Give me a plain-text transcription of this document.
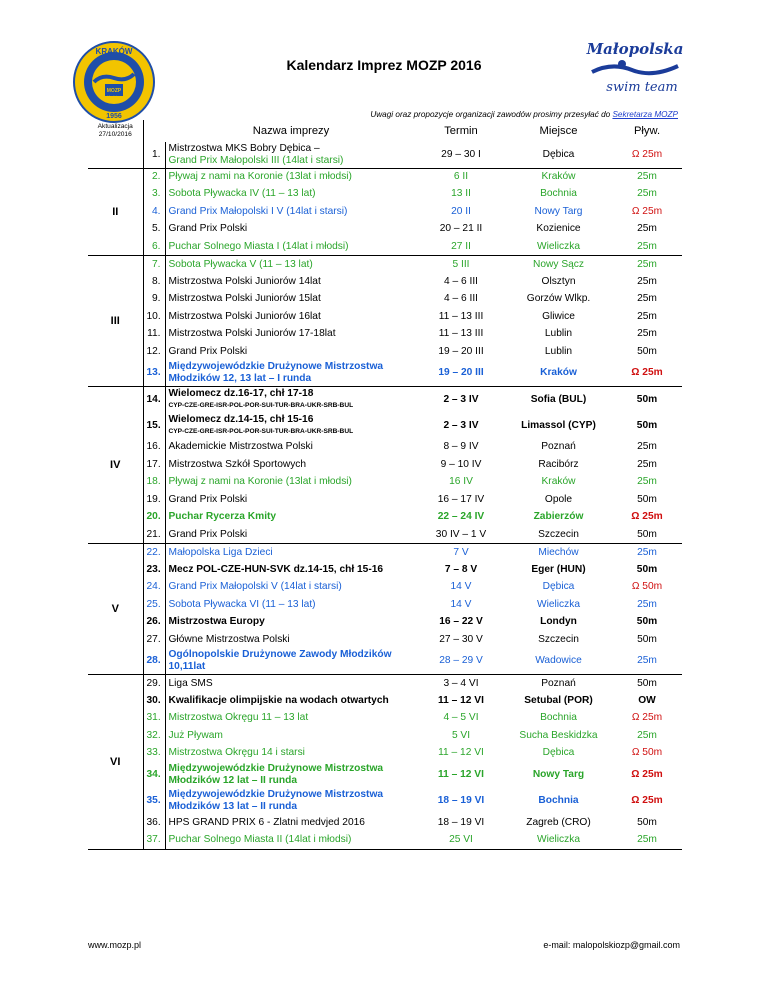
KRAKÓW
MOZP
Kraków
1956
Małopolska
swim team
Kalendarz Imprez MOZP 2016
Uwagi oraz propozycje organizacji zawodów prosimy przesyłać do Sekretarza MOZP
Aktualizacja
27/10/2016		Nazwa imprezy	Termin	Miejsce	Pływ.
	1.	Mistrzostwa MKS Bobry Dębica –
Grand Prix Małopolski III (14lat i starsi)	29 – 30 I	Dębica	Ω 25m
II	2.	Pływaj z nami na Koronie (13lat i młodsi)	6 II	Kraków	25m
	3.	Sobota Pływacka IV (11 – 13 lat)	13 II	Bochnia	25m
	4.	Grand Prix Małopolski I V (14lat i starsi)	20 II	Nowy Targ	Ω 25m
	5.	Grand Prix Polski	20 – 21 II	Kozienice	25m
	6.	Puchar Solnego Miasta I (14lat i młodsi)	27 II	Wieliczka	25m
III	7.	Sobota Pływacka V (11 – 13 lat)	5 III	Nowy Sącz	25m
	8.	Mistrzostwa Polski Juniorów 14lat	4 – 6 III	Olsztyn	25m
	9.	Mistrzostwa Polski Juniorów 15lat	4 – 6 III	Gorzów Wlkp.	25m
	10.	Mistrzostwa Polski Juniorów 16lat	11 – 13 III	Gliwice	25m
	11.	Mistrzostwa Polski Juniorów 17-18lat	11 – 13 III	Lublin	25m
	12.	Grand Prix Polski	19 – 20 III	Lublin	50m
	13.	Międzywojewódzkie Drużynowe Mistrzostwa
Młodzików 12, 13 lat – I runda	19 – 20 III	Kraków	Ω 25m
IV	14.	Wielomecz dz.16-17, chł 17-18
CYP-CZE-GRE-ISR-POL-POR-SUI-TUR-BRA-UKR-SRB-BUL	2 – 3 IV	Sofia (BUL)	50m
	15.	Wielomecz dz.14-15, chł 15-16
CYP-CZE-GRE-ISR-POL-POR-SUI-TUR-BRA-UKR-SRB-BUL	2 – 3 IV	Limassol (CYP)	50m
	16.	Akademickie Mistrzostwa Polski	8 – 9 IV	Poznań	25m
	17.	Mistrzostwa Szkół Sportowych	9 – 10 IV	Racibórz	25m
	18.	Pływaj z nami na Koronie (13lat i młodsi)	16 IV	Kraków	25m
	19.	Grand Prix Polski	16 – 17 IV	Opole	50m
	20.	Puchar Rycerza Kmity	22 – 24 IV	Zabierzów	Ω 25m
	21.	Grand Prix Polski	30 IV – 1 V	Szczecin	50m
V	22.	Małopolska Liga Dzieci	7 V	Miechów	25m
	23.	Mecz POL-CZE-HUN-SVK dz.14-15, chł 15-16	7 – 8 V	Eger (HUN)	50m
	24.	Grand Prix Małopolski V (14lat i starsi)	14 V	Dębica	Ω 50m
	25.	Sobota Pływacka VI (11 – 13 lat)	14 V	Wieliczka	25m
	26.	Mistrzostwa Europy	16 – 22 V	Londyn	50m
	27.	Główne Mistrzostwa Polski	27 – 30 V	Szczecin	50m
	28.	Ogólnopolskie Drużynowe Zawody Młodzików
10,11lat	28 – 29 V	Wadowice	25m
VI	29.	Liga SMS	3 – 4 VI	Poznań	50m
	30.	Kwalifikacje olimpijskie na wodach otwartych	11 – 12 VI	Setubal (POR)	OW
	31.	Mistrzostwa Okręgu 11 – 13 lat	4 – 5 VI	Bochnia	Ω 25m
	32.	Już Pływam	5 VI	Sucha Beskidzka	25m
	33.	Mistrzostwa Okręgu 14 i starsi	11 – 12 VI	Dębica	Ω 50m
	34.	Międzywojewódzkie Drużynowe Mistrzostwa
Młodzików 12 lat – II runda	11 – 12 VI	Nowy Targ	Ω 25m
	35.	Międzywojewódzkie Drużynowe Mistrzostwa
Młodzików 13 lat – II runda	18 – 19 VI	Bochnia	Ω 25m
	36.	HPS GRAND PRIX 6 - Zlatni medvjed 2016	18 – 19 VI	Zagreb (CRO)	50m
	37.	Puchar Solnego Miasta II (14lat i młodsi)	25 VI	Wieliczka	25m
www.mozp.pl	e-mail: malopolskiozp@gmail.com
